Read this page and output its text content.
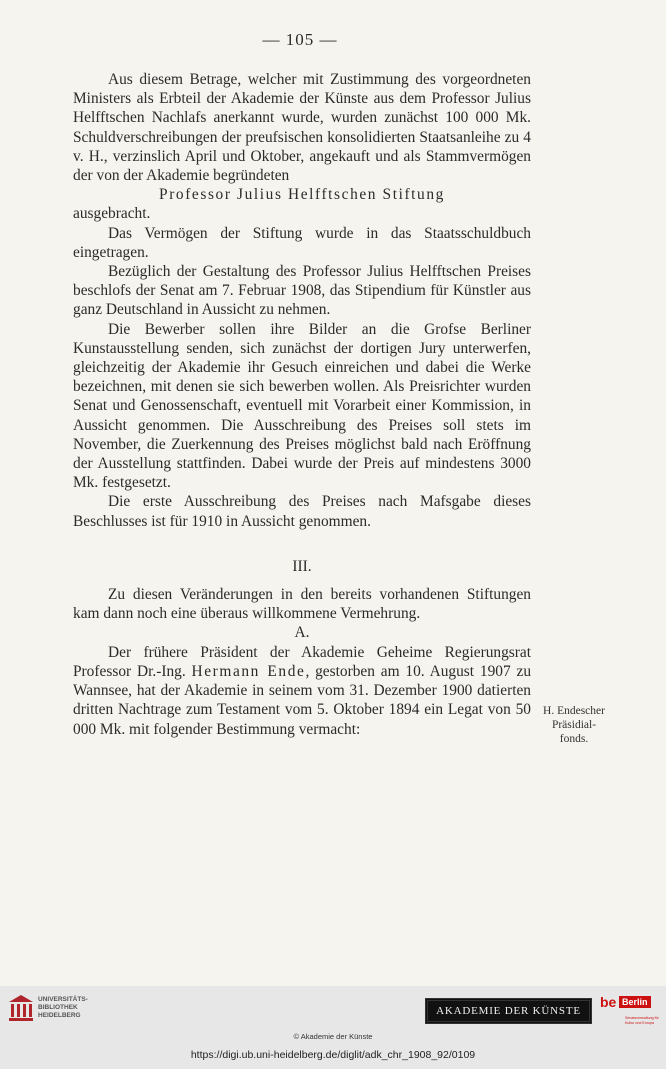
— 105 —

Aus diesem Betrage, welcher mit Zustimmung des vorgeordneten Ministers als Erbteil der Akademie der Künste aus dem Professor Julius Helfftschen Nachlafs anerkannt wurde, wurden zunächst 100 000 Mk. Schuldverschreibungen der preufsischen konsolidierten Staatsanleihe zu 4 v. H., verzinslich April und Oktober, angekauft und als Stammvermögen der von der Akademie begründeten

Professor Julius Helfftschen Stiftung

ausgebracht.

Das Vermögen der Stiftung wurde in das Staatsschuldbuch eingetragen.

Bezüglich der Gestaltung des Professor Julius Helfftschen Preises beschlofs der Senat am 7. Februar 1908, das Stipendium für Künstler aus ganz Deutschland in Aussicht zu nehmen.

Die Bewerber sollen ihre Bilder an die Grofse Berliner Kunstausstellung senden, sich zunächst der dortigen Jury unterwerfen, gleichzeitig der Akademie ihr Gesuch einreichen und dabei die Werke bezeichnen, mit denen sie sich bewerben wollen. Als Preisrichter wurden Senat und Genossenschaft, eventuell mit Vorarbeit einer Kommission, in Aussicht genommen. Die Ausschreibung des Preises soll stets im November, die Zuerkennung des Preises möglichst bald nach Eröffnung der Ausstellung stattfinden. Dabei wurde der Preis auf mindestens 3000 Mk. festgesetzt.

Die erste Ausschreibung des Preises nach Mafsgabe dieses Beschlusses ist für 1910 in Aussicht genommen.

III.

Zu diesen Veränderungen in den bereits vorhandenen Stiftungen kam dann noch eine überaus willkommene Vermehrung.

A.

Der frühere Präsident der Akademie Geheime Regierungsrat Professor Dr.-Ing. Hermann Ende, gestorben am 10. August 1907 zu Wannsee, hat der Akademie in seinem vom 31. Dezember 1900 datierten dritten Nachtrage zum Testament vom 5. Oktober 1894 ein Legat von 50 000 Mk. mit folgender Bestimmung vermacht:

H. Endescher
Präsidial-
fonds.
UNIVERSITÄTS-
BIBLIOTHEK
HEIDELBERG	AKADEMIE DER KÜNSTE
be Berlin
Senatsverwaltung für Kultur und Europa
© Akademie der Künste
https://digi.ub.uni-heidelberg.de/diglit/adk_chr_1908_92/0109
